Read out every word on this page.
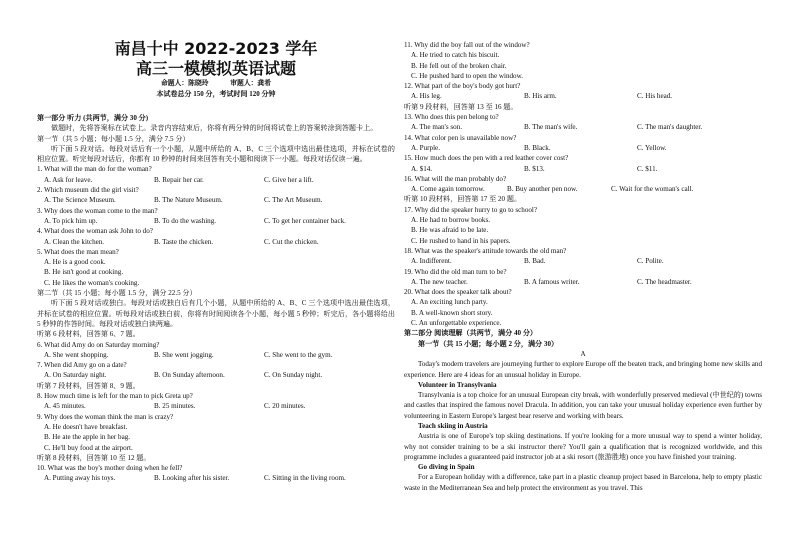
南昌十中 2022-2023 学年
高三一模模拟英语试题
命题人：陈晓玲	审题人：龚希
本试卷总分 150 分，考试时间 120 分钟
第一部分 听力 (共两节，满分 30 分)
做题时，先将答案标在试卷上。录音内容结束后，你将有两分钟的时间将试卷上的答案转涂到答题卡上。
第一节（共 5 小题；每小题 1.5 分，满分 7.5 分）
听下面 5 段对话。每段对话后有一个小题，从题中所给的 A、B、C 三个选项中选出最佳选项，并标在试卷的相应位置。听完每段对话后，你都有 10 秒钟的时间来回答有关小题和阅读下一小题。每段对话仅读一遍。
1. What will the man do for the woman?
A. Ask for leave.	B. Repair her car.	C. Give her a lift.
2. Which museum did the girl visit?
A. The Science Museum.	B. The Nature Museum.	C. The Art Museum.
3. Why does the woman come to the man?
A. To pick him up.	B. To do the washing.	C. To get her container back.
4. What does the woman ask John to do?
A. Clean the kitchen.	B. Taste the chicken.	C. Cut the chicken.
5. What does the man mean?
A. He is a good cook.
B. He isn't good at cooking.
C. He likes the woman's cooking.
第二节（共 15 小题；每小题 1.5 分，满分 22.5 分）
听下面 5 段对话或独白。每段对话或独白后有几个小题，从题中所给的 A、B、C 三个选项中选出最佳选项，并标在试卷的相应位置。听每段对话或独白前，你将有时间阅读各个小题，每小题 5 秒钟；听完后，各小题将给出 5 秒钟的作答时间。每段对话或独白读两遍。
听第 6 段材料，回答第 6、7 题。
6. What did Amy do on Saturday morning?
A. She went shopping.	B. She went jogging.	C. She went to the gym.
7. When did Amy go on a date?
A. On Saturday night.	B. On Sunday afternoon.	C. On Sunday night.
听第 7 段材料，回答第 8、9 题。
8. How much time is left for the man to pick Greta up?
A. 45 minutes.	B. 25 minutes.	C. 20 minutes.
9. Why does the woman think the man is crazy?
A. He doesn't have breakfast.
B. He ate the apple in her bag.
C. He'll buy food at the airport.
听第 8 段材料，回答第 10 至 12 题。
10. What was the boy's mother doing when he fell?
A. Putting away his toys.	B. Looking after his sister.	C. Sitting in the living room.
11. Why did the boy fall out of the window?
A. He tried to catch his biscuit.
B. He fell out of the broken chair.
C. He pushed hard to open the window.
12. What part of the boy's body got hurt?
A. His leg.	B. His arm.	C. His head.
听第 9 段材料，回答第 13 至 16 题。
13. Who does this pen belong to?
A. The man's son.	B. The man's wife.	C. The man's daughter.
14. What color pen is unavailable now?
A. Purple.	B. Black.	C. Yellow.
15. How much does the pen with a red leather cover cost?
A. $14.	B. $13.	C. $11.
16. What will the man probably do?
A. Come again tomorrow.	B. Buy another pen now.	C. Wait for the woman's call.
听第 10 段材料，回答第 17 至 20 题。
17. Why did the speaker hurry to go to school?
A. He had to borrow books.
B. He was afraid to be late.
C. He rushed to hand in his papers.
18. What was the speaker's attitude towards the old man?
A. Indifferent.	B. Bad.	C. Polite.
19. Who did the old man turn to be?
A. The new teacher.	B. A famous writer.	C. The headmaster.
20. What does the speaker talk about?
A. An exciting lunch party.
B. A well-known short story.
C. An unforgettable experience.
第二部分 阅读理解（共两节，满分 40 分）
第一节（共 15 小题；每小题 2 分，满分 30）
A
Today's modern travelers are journeying further to explore Europe off the beaten track, and bringing home new skills and experience. Here are 4 ideas for an unusual holiday in Europe.
Volunteer in Transylvania
Transylvania is a top choice for an unusual European city break, with wonderfully preserved medieval (中世纪的) towns and castles that inspired the famous novel Dracula. In addition, you can take your unusual holiday experience even further by volunteering in Eastern Europe's largest bear reserve and working with bears.
Teach skiing in Austria
Austria is one of Europe's top skiing destinations. If you're looking for a more unusual way to spend a winter holiday, why not consider training to be a ski instructor there? You'll gain a qualification that is recognized worldwide, and this programme includes a guaranteed paid instructor job at a ski resort (旅游胜地) once you have finished your training.
Go diving in Spain
For a European holiday with a difference, take part in a plastic cleanup project based in Barcelona, help to empty plastic waste in the Mediterranean Sea and help protect the environment as you travel. This
